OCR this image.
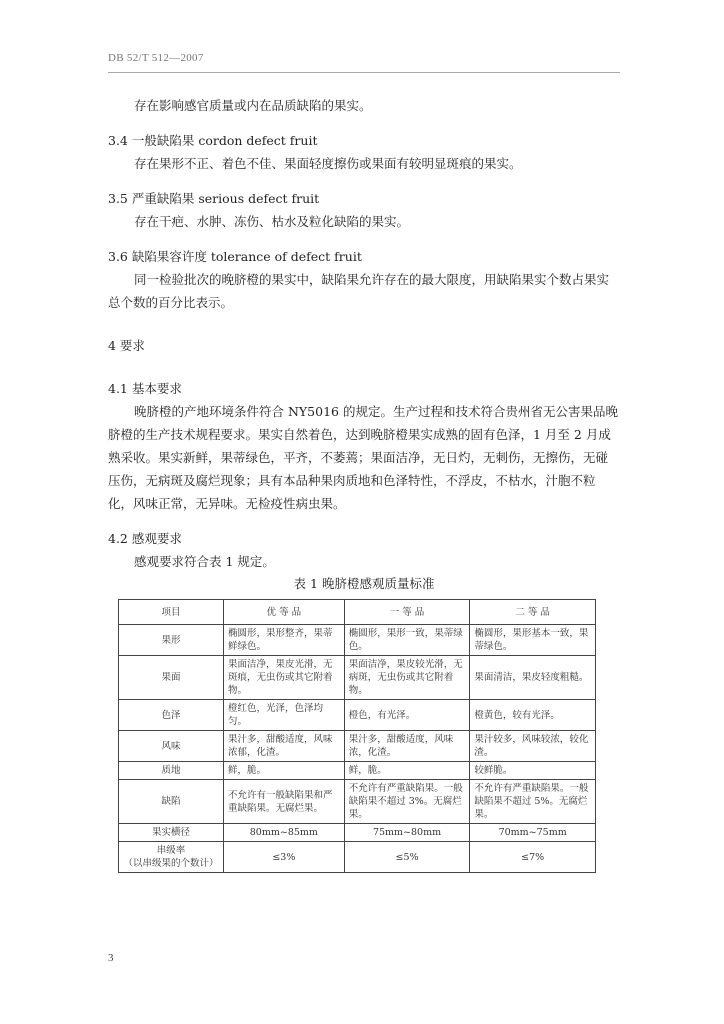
DB 52/T 512—2007

存在影响感官质量或内在品质缺陷的果实。

3.4 一般缺陷果 cordon defect fruit

存在果形不正、着色不佳、果面轻度擦伤或果面有较明显斑痕的果实。

3.5 严重缺陷果 serious defect fruit

存在干疤、水肿、冻伤、枯水及粒化缺陷的果实。

3.6 缺陷果容许度 tolerance of defect fruit

同一检验批次的晚脐橙的果实中，缺陷果允许存在的最大限度，用缺陷果实个数占果实总个数的百分比表示。

4 要求
4.1 基本要求

晚脐橙的产地环境条件符合 NY5016 的规定。生产过程和技术符合贵州省无公害果品晚脐橙的生产技术规程要求。果实自然着色，达到晚脐橙果实成熟的固有色泽，1 月至 2 月成熟采收。果实新鲜，果蒂绿色，平齐，不萎蔫；果面洁净，无日灼，无刺伤，无擦伤，无碰压伤，无病斑及腐烂现象；具有本品种果肉质地和色泽特性，不浮皮，不枯水，汁胞不粒化，风味正常，无异味。无检疫性病虫果。

4.2 感观要求

感观要求符合表 1 规定。

表 1 晚脐橙感观质量标准
项目	优 等 品	一 等 品	二 等 品
果形	椭圆形，果形整齐，果蒂鲜绿色。	椭圆形，果形一致，果蒂绿色。	椭圆形，果形基本一致，果蒂绿色。
果面	果面洁净，果皮光滑，无斑痕，无虫伤或其它附着物。	果面洁净，果皮较光滑，无病斑，无虫伤或其它附着物。	果面清洁，果皮轻度粗糙。
色泽	橙红色，光泽，色泽均匀。	橙色，有光泽。	橙黄色，较有光泽。
风味	果汁多，甜酸适度，风味浓郁，化渣。	果汁多，甜酸适度，风味浓，化渣。	果汁较多，风味较浓，较化渣。
质地	鲜，脆。	鲜，脆。	较鲜脆。
缺陷	不允许有一般缺陷果和严重缺陷果。无腐烂果。	不允许有严重缺陷果。一般缺陷果不超过 3%。无腐烂果。	不允许有严重缺陷果。一般缺陷果不超过 5%。无腐烂果。
果实横径	80mm~85mm	75mm~80mm	70mm~75mm
串级率
（以串级果的个数计）	≤3%	≤5%	≤7%
3
